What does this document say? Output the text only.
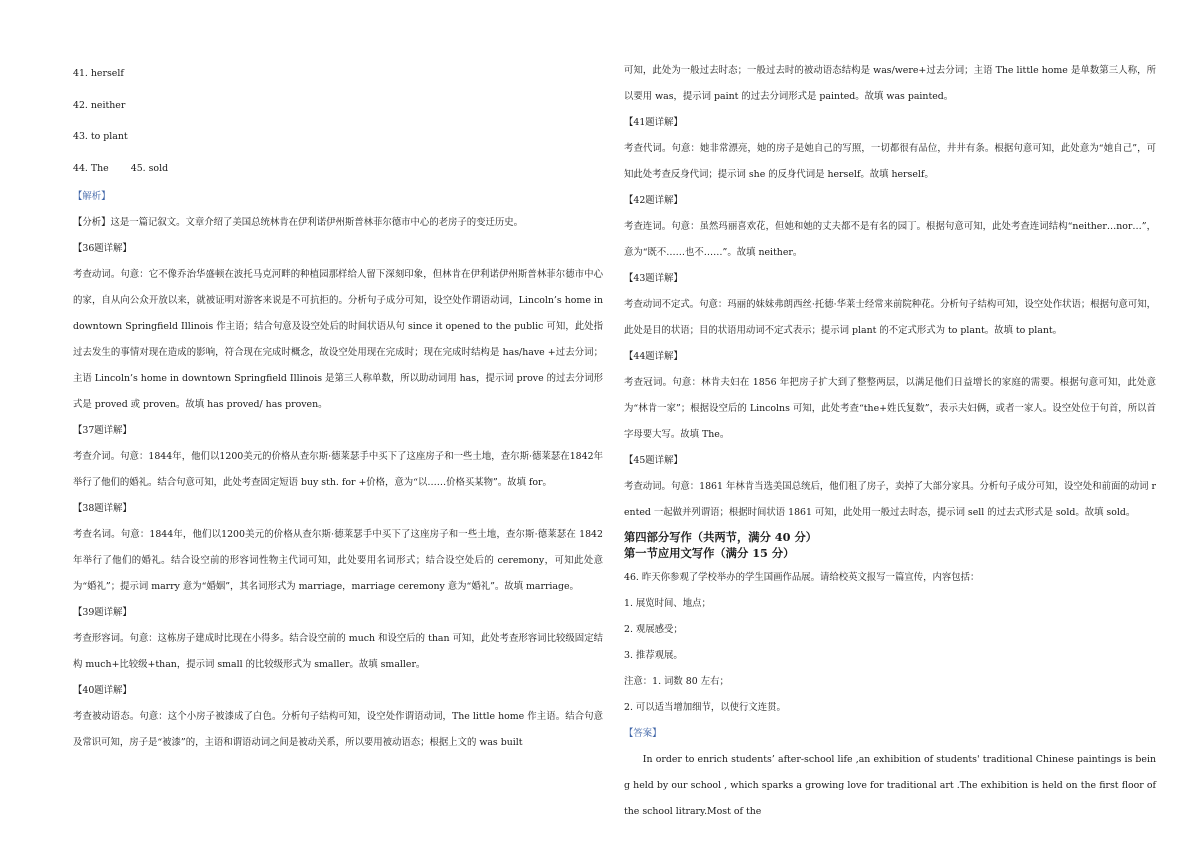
41. herself

42. neither

43. to plant

44. The 45. sold

【解析】

【分析】这是一篇记叙文。文章介绍了美国总统林肯在伊利诺伊州斯普林菲尔德市中心的老房子的变迁历史。

【36题详解】

考查动词。句意：它不像乔治华盛顿在波托马克河畔的种植园那样给人留下深刻印象，但林肯在伊利诺伊州斯普林菲尔德市中心的家，自从向公众开放以来，就被证明对游客来说是不可抗拒的。分析句子成分可知，设空处作谓语动词，Lincoln’s home in downtown Springfield Illinois 作主语；结合句意及设空处后的时间状语从句 since it opened to the public 可知，此处指过去发生的事情对现在造成的影响，符合现在完成时概念，故设空处用现在完成时；现在完成时结构是 has/have +过去分词；主语 Lincoln’s home in downtown Springfield Illinois 是第三人称单数，所以助动词用 has，提示词 prove 的过去分词形式是 proved 或 proven。故填 has proved/ has proven。

【37题详解】

考查介词。句意：1844年，他们以1200美元的价格从查尔斯·德莱瑟手中买下了这座房子和一些土地，查尔斯·德莱瑟在1842年举行了他们的婚礼。结合句意可知，此处考查固定短语 buy sth. for +价格，意为“以……价格买某物”。故填 for。

【38题详解】

考查名词。句意：1844年，他们以1200美元的价格从查尔斯·德莱瑟手中买下了这座房子和一些土地，查尔斯·德莱瑟在 1842 年举行了他们的婚礼。结合设空前的形容词性物主代词可知，此处要用名词形式；结合设空处后的 ceremony，可知此处意为“婚礼”；提示词 marry 意为“婚姻”，其名词形式为 marriage，marriage ceremony 意为“婚礼”。故填 marriage。

【39题详解】

考查形容词。句意：这栋房子建成时比现在小得多。结合设空前的 much 和设空后的 than 可知，此处考查形容词比较级固定结构 much+比较级+than，提示词 small 的比较级形式为 smaller。故填 smaller。

【40题详解】

考查被动语态。句意：这个小房子被漆成了白色。分析句子结构可知，设空处作谓语动词，The little home 作主语。结合句意及常识可知，房子是“被漆”的，主语和谓语动词之间是被动关系，所以要用被动语态；根据上文的 was built

可知，此处为一般过去时态；一般过去时的被动语态结构是 was/were+过去分词；主语 The little home 是单数第三人称，所以要用 was，提示词 paint 的过去分词形式是 painted。故填 was painted。

【41题详解】

考查代词。句意：她非常漂亮，她的房子是她自己的写照，一切都很有品位，井井有条。根据句意可知，此处意为“她自己”，可知此处考查反身代词；提示词 she 的反身代词是 herself。故填 herself。

【42题详解】

考查连词。句意：虽然玛丽喜欢花，但她和她的丈夫都不是有名的园丁。根据句意可知，此处考查连词结构“neither…nor…”，意为“既不……也不……”。故填 neither。

【43题详解】

考查动词不定式。句意：玛丽的妹妹弗朗西丝·托德·华莱士经常来前院种花。分析句子结构可知，设空处作状语；根据句意可知，此处是目的状语；目的状语用动词不定式表示；提示词 plant 的不定式形式为 to plant。故填 to plant。

【44题详解】

考查冠词。句意：林肯夫妇在 1856 年把房子扩大到了整整两层，以满足他们日益增长的家庭的需要。根据句意可知，此处意为“林肯一家”；根据设空后的 Lincolns 可知，此处考查“the+姓氏复数”，表示夫妇俩，或者一家人。设空处位于句首，所以首字母要大写。故填 The。

【45题详解】

考查动词。句意：1861 年林肯当选美国总统后，他们租了房子，卖掉了大部分家具。分析句子成分可知，设空处和前面的动词 rented 一起做并列谓语；根据时间状语 1861 可知，此处用一般过去时态，提示词 sell 的过去式形式是 sold。故填 sold。

第四部分写作（共两节，满分 40 分）

第一节应用文写作（满分 15 分）

46. 昨天你参观了学校举办的学生国画作品展。请给校英文报写一篇宣传，内容包括：

1. 展览时间、地点；

2. 观展感受；

3. 推荐观展。

注意：1. 词数 80 左右；

2. 可以适当增加细节，以使行文连贯。

【答案】

In order to enrich students’ after-school life ,an exhibition of students' traditional Chinese paintings is being held by our school , which sparks a growing love for traditional art .The exhibition is held on the first floor of the school litrary.Most of the
